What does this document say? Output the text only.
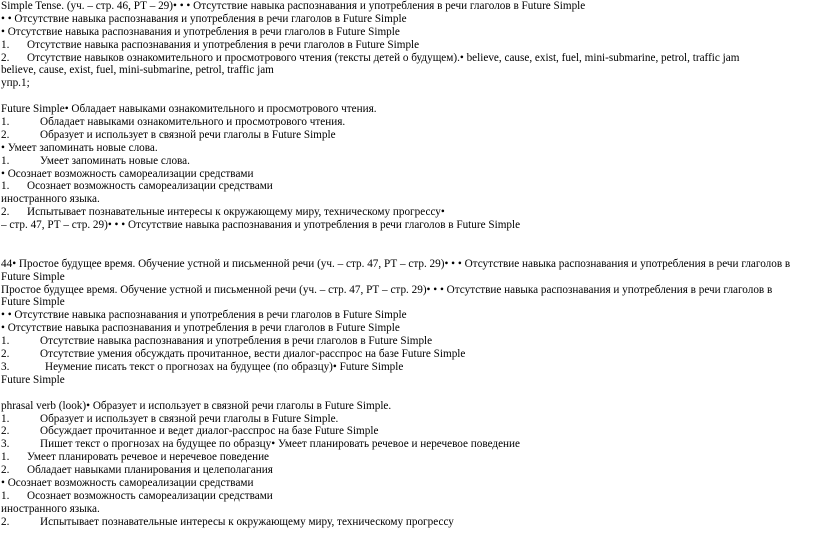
Simple Tense. (уч. – стр. 46, РТ – 29)• • • Отсутствие навыка распознавания и употребления в речи глаголов в Future Simple
• • Отсутствие навыка распознавания и употребления в речи глаголов в Future Simple
• Отсутствие навыка распознавания и употребления в речи глаголов в Future Simple
1. Отсутствие навыка распознавания и употребления в речи глаголов в Future Simple
2. Отсутствие навыков ознакомительного и просмотрового чтения (тексты детей о будущем).• believe, cause, exist, fuel, mini-submarine, petrol, traffic jam
believe, cause, exist, fuel, mini-submarine, petrol, traffic jam
упр.1;
Future Simple• Обладает навыками ознакомительного и просмотрового чтения.
1.	Обладает навыками ознакомительного и просмотрового чтения.
2.	Образует и использует в связной речи глаголы в Future Simple
• Умеет запоминать новые слова.
1.	Умеет запоминать новые слова.
• Осознает возможность самореализации средствами
1. Осознает возможность самореализации средствами
иностранного языка.
2. Испытывает познавательные интересы к окружающему миру, техническому прогрессу•
– стр. 47, РТ – стр. 29)• • • Отсутствие навыка распознавания и употребления в речи глаголов в Future Simple
44• Простое будущее время. Обучение устной и письменной речи (уч. – стр. 47, РТ – стр. 29)• • • Отсутствие навыка распознавания и употребления в речи глаголов в
Future Simple
Простое будущее время. Обучение устной и письменной речи (уч. – стр. 47, РТ – стр. 29)• • • Отсутствие навыка распознавания и употребления в речи глаголов в
Future Simple
• • Отсутствие навыка распознавания и употребления в речи глаголов в Future Simple
• Отсутствие навыка распознавания и употребления в речи глаголов в Future Simple
1.	Отсутствие навыка распознавания и употребления в речи глаголов в Future Simple
2.	Отсутствие умения обсуждать прочитанное, вести диалог-расспрос на базе Future Simple
3.	Неумение писать текст о прогнозах на будущее (по образцу)• Future Simple
Future Simple
phrasal verb (look)• Образует и использует в связной речи глаголы в Future Simple.
1.	Образует и использует в связной речи глаголы в Future Simple.
2.	Обсуждает прочитанное и ведет диалог-расспрос на базе Future Simple
3.	Пишет текст о прогнозах на будущее по образцу• Умеет планировать речевое и неречевое поведение
1. Умеет планировать речевое и неречевое поведение
2. Обладает навыками планирования и целеполагания
• Осознает возможность самореализации средствами
1. Осознает возможность самореализации средствами
иностранного языка.
2.	Испытывает познавательные интересы к окружающему миру, техническому прогрессу
